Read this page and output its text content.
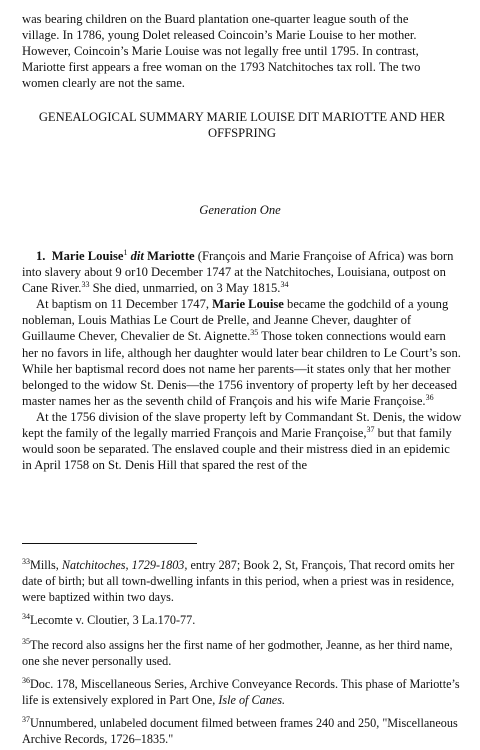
was bearing children on the Buard plantation one-quarter league south of the
village. In 1786, young Dolet released Coincoin’s Marie Louise to her mother.
However, Coincoin’s Marie Louise was not legally free until 1795. In contrast,
Mariotte first appears a free woman on the 1793 Natchitoches tax roll. The two
women clearly are not the same.
GENEALOGICAL SUMMARY MARIE LOUISE DIT MARIOTTE AND HER OFFSPRING
Generation One
1. Marie Louise$^1$ dit Mariotte (François and Marie Françoise of Africa) was born into slavery about 9 or10 December 1747 at the Natchitoches, Louisiana, outpost on Cane River.$^{33}$ She died, unmarried, on 3 May 1815.34
At baptism on 11 December 1747, Marie Louise became the godchild of a young nobleman, Louis Mathias Le Court de Prelle, and Jeanne Chever, daughter of Guillaume Chever, Chevalier de St. Aignette.$^{35}$ Those token connections would earn her no favors in life, although her daughter would later bear children to Le Court’s son. While her baptismal record does not name her parents—it states only that her mother belonged to the widow St. Denis—the 1756 inventory of property left by her deceased master names her as the seventh child of François and his wife Marie Françoise.$^{36}$
At the 1756 division of the slave property left by Commandant St. Denis, the widow kept the family of the legally married François and Marie Françoise,$^{37}$ but that family would soon be separated. The enslaved couple and their mistress died in an epidemic in April 1758 on St. Denis Hill that spared the rest of the
$^{33}$Mills, Natchitoches, 1729-1803, entry 287; Book 2, St, François, That record omits her date of birth; but all town-dwelling infants in this period, when a priest was in residence, were baptized within two days.
$^{34}$Lecomte v. Cloutier, 3 La.170-77.
$^{35}$The record also assigns her the first name of her godmother, Jeanne, as her third name, one she never personally used.
$^{36}$Doc. 178, Miscellaneous Series, Archive Conveyance Records. This phase of Mariotte’s life is extensively explored in Part One, Isle of Canes.
$^{37}$Unnumbered, unlabeled document filmed between frames 240 and 250, "Miscellaneous Archive Records, 1726–1835."
